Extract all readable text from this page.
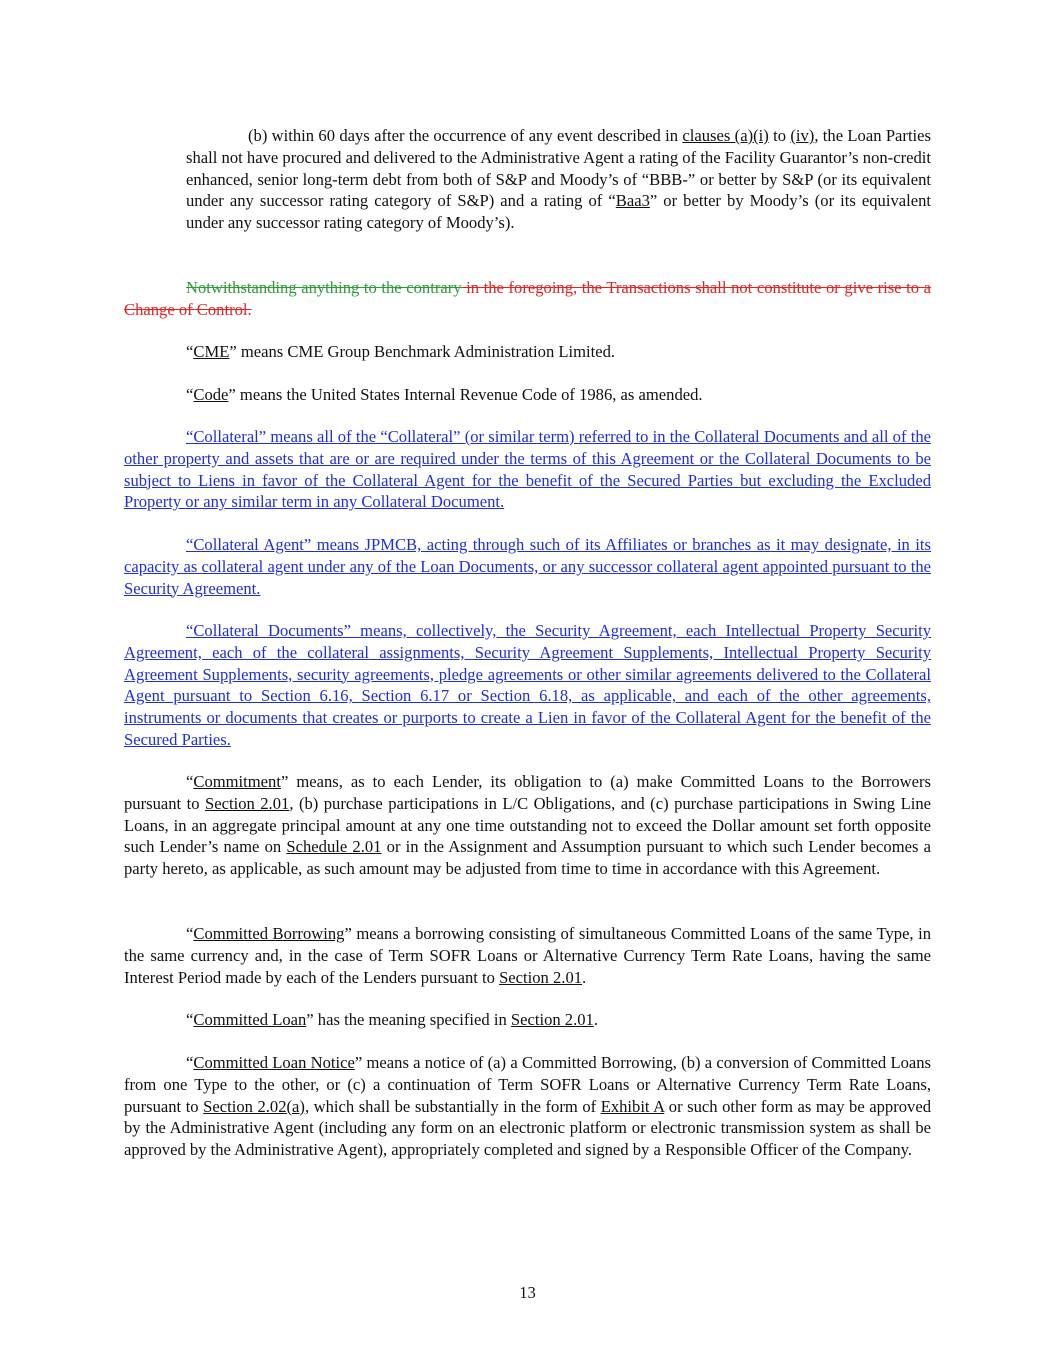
(b) within 60 days after the occurrence of any event described in clauses (a)(i) to (iv), the Loan Parties shall not have procured and delivered to the Administrative Agent a rating of the Facility Guarantor’s non-credit enhanced, senior long-term debt from both of S&P and Moody’s of “BBB-” or better by S&P (or its equivalent under any successor rating category of S&P) and a rating of “Baa3” or better by Moody’s (or its equivalent under any successor rating category of Moody’s).

Notwithstanding anything to the contrary in the foregoing, the Transactions shall not constitute or give rise to a Change of Control.

“CME” means CME Group Benchmark Administration Limited.

“Code” means the United States Internal Revenue Code of 1986, as amended.

“Collateral” means all of the “Collateral” (or similar term) referred to in the Collateral Documents and all of the other property and assets that are or are required under the terms of this Agreement or the Collateral Documents to be subject to Liens in favor of the Collateral Agent for the benefit of the Secured Parties but excluding the Excluded Property or any similar term in any Collateral Document.

“Collateral Agent” means JPMCB, acting through such of its Affiliates or branches as it may designate, in its capacity as collateral agent under any of the Loan Documents, or any successor collateral agent appointed pursuant to the Security Agreement.

“Collateral Documents” means, collectively, the Security Agreement, each Intellectual Property Security Agreement, each of the collateral assignments, Security Agreement Supplements, Intellectual Property Security Agreement Supplements, security agreements, pledge agreements or other similar agreements delivered to the Collateral Agent pursuant to Section 6.16, Section 6.17 or Section 6.18, as applicable, and each of the other agreements, instruments or documents that creates or purports to create a Lien in favor of the Collateral Agent for the benefit of the Secured Parties.

“Commitment” means, as to each Lender, its obligation to (a) make Committed Loans to the Borrowers pursuant to Section 2.01, (b) purchase participations in L/C Obligations, and (c) purchase participations in Swing Line Loans, in an aggregate principal amount at any one time outstanding not to exceed the Dollar amount set forth opposite such Lender’s name on Schedule 2.01 or in the Assignment and Assumption pursuant to which such Lender becomes a party hereto, as applicable, as such amount may be adjusted from time to time in accordance with this Agreement.

“Committed Borrowing” means a borrowing consisting of simultaneous Committed Loans of the same Type, in the same currency and, in the case of Term SOFR Loans or Alternative Currency Term Rate Loans, having the same Interest Period made by each of the Lenders pursuant to Section 2.01.

“Committed Loan” has the meaning specified in Section 2.01.

“Committed Loan Notice” means a notice of (a) a Committed Borrowing, (b) a conversion of Committed Loans from one Type to the other, or (c) a continuation of Term SOFR Loans or Alternative Currency Term Rate Loans, pursuant to Section 2.02(a), which shall be substantially in the form of Exhibit A or such other form as may be approved by the Administrative Agent (including any form on an electronic platform or electronic transmission system as shall be approved by the Administrative Agent), appropriately completed and signed by a Responsible Officer of the Company.

13
